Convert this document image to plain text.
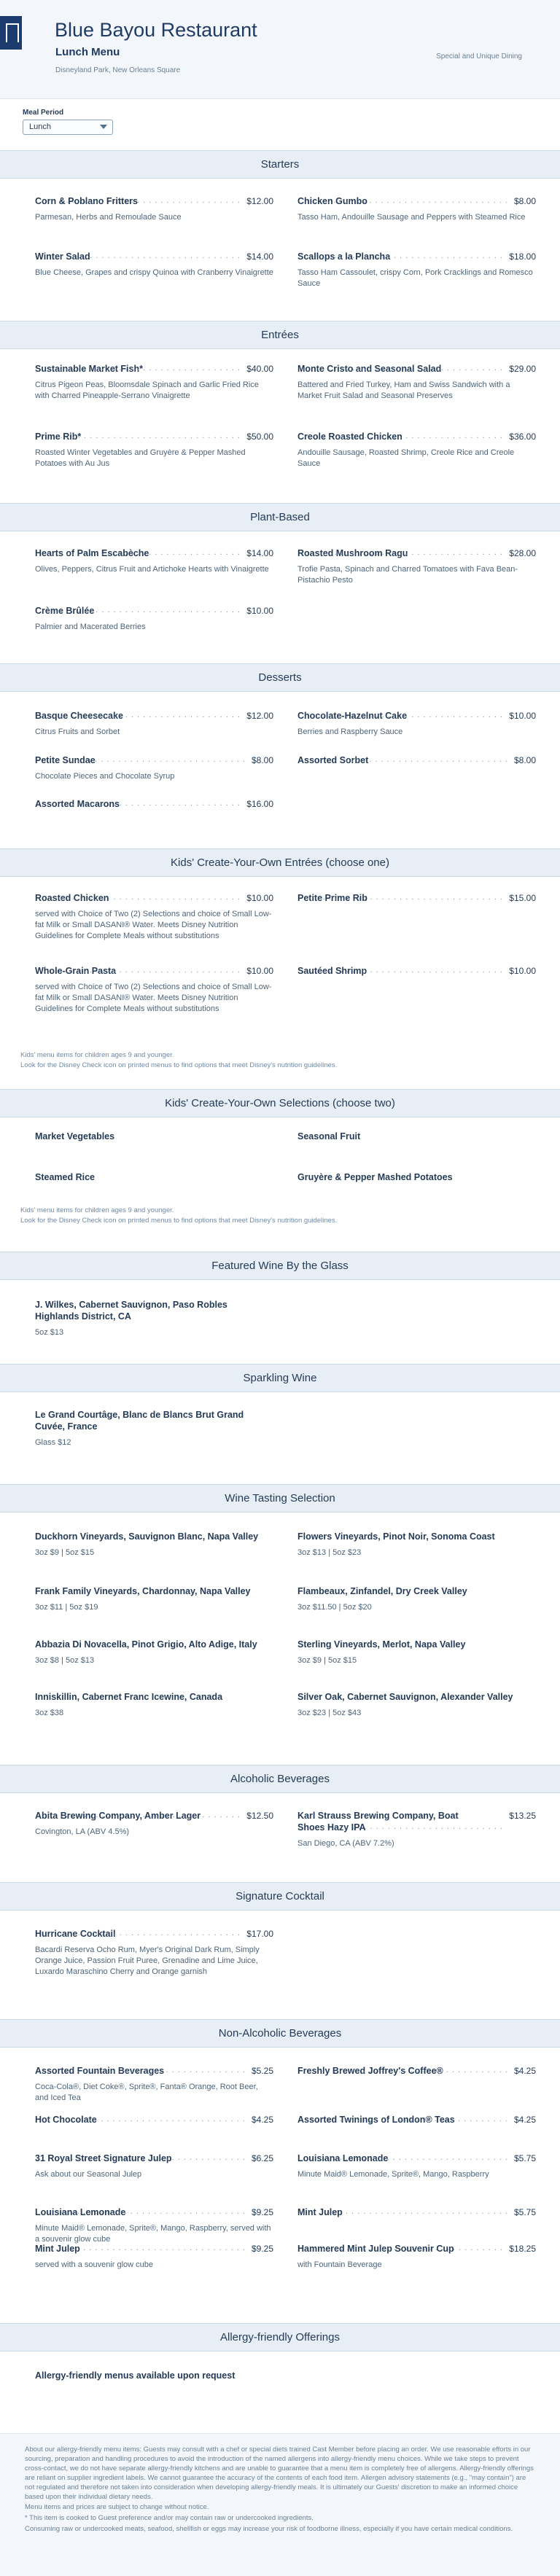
Blue Bayou Restaurant
Lunch Menu
Disneyland Park, New Orleans Square
Special and Unique Dining
Meal Period
Lunch
Starters
Corn & Poblano Fritters	$12.00
. . .
Parmesan, Herbs and Remoulade Sauce
Chicken Gumbo	$8.00
. . .
Tasso Ham, Andouille Sausage and Peppers with Steamed Rice
Winter Salad	$14.00
. . .
Blue Cheese, Grapes and crispy Quinoa with Cranberry Vinaigrette
Scallops a la Plancha	$18.00
. . .
Tasso Ham Cassoulet, crispy Corn, Pork Cracklings and Romesco Sauce
Entrées
Sustainable Market Fish*	$40.00
. . .
Citrus Pigeon Peas, Bloomsdale Spinach and Garlic Fried Rice with Charred Pineapple-Serrano Vinaigrette
Monte Cristo and Seasonal Salad	$29.00
. . .
Battered and Fried Turkey, Ham and Swiss Sandwich with a Market Fruit Salad and Seasonal Preserves
Prime Rib*	$50.00
. . .
Roasted Winter Vegetables and Gruyère & Pepper Mashed Potatoes with Au Jus
Creole Roasted Chicken	$36.00
. . .
Andouille Sausage, Roasted Shrimp, Creole Rice and Creole Sauce
Plant-Based
Hearts of Palm Escabèche	$14.00
. . .
Olives, Peppers, Citrus Fruit and Artichoke Hearts with Vinaigrette
Roasted Mushroom Ragu	$28.00
. . .
Trofie Pasta, Spinach and Charred Tomatoes with Fava Bean-Pistachio Pesto
Crème Brûlée	$10.00
. . .
Palmier and Macerated Berries
Desserts
Basque Cheesecake	$12.00
. . .
Citrus Fruits and Sorbet
Chocolate-Hazelnut Cake	$10.00
. . .
Berries and Raspberry Sauce
Petite Sundae	$8.00
. . .
Chocolate Pieces and Chocolate Syrup
Assorted Sorbet	$8.00
. . .
Assorted Macarons	$16.00
. . .
Kids' Create-Your-Own Entrées (choose one)
Roasted Chicken	$10.00
. . .
served with Choice of Two (2) Selections and choice of Small Low-fat Milk or Small DASANI® Water. Meets Disney Nutrition Guidelines for Complete Meals without substitutions
Petite Prime Rib	$15.00
. . .
Whole-Grain Pasta	$10.00
. . .
served with Choice of Two (2) Selections and choice of Small Low-fat Milk or Small DASANI® Water. Meets Disney Nutrition Guidelines for Complete Meals without substitutions
Sautéed Shrimp	$10.00
. . .
Kids' menu items for children ages 9 and younger.
Look for the Disney Check icon on printed menus to find options that meet Disney's nutrition guidelines.
Kids' Create-Your-Own Selections (choose two)
Market Vegetables	Seasonal Fruit
Steamed Rice	Gruyère & Pepper Mashed Potatoes
Kids' menu items for children ages 9 and younger.
Look for the Disney Check icon on printed menus to find options that meet Disney's nutrition guidelines.
Featured Wine By the Glass
J. Wilkes, Cabernet Sauvignon, Paso Robles Highlands District, CA
5oz $13
Sparkling Wine
Le Grand Courtâge, Blanc de Blancs Brut Grand Cuvée, France
Glass $12
Wine Tasting Selection
Duckhorn Vineyards, Sauvignon Blanc, Napa Valley
3oz $9 | 5oz $15
Flowers Vineyards, Pinot Noir, Sonoma Coast
3oz $13 | 5oz $23
Frank Family Vineyards, Chardonnay, Napa Valley
3oz $11 | 5oz $19
Flambeaux, Zinfandel, Dry Creek Valley
3oz $11.50 | 5oz $20
Abbazia Di Novacella, Pinot Grigio, Alto Adige, Italy
3oz $8 | 5oz $13
Sterling Vineyards, Merlot, Napa Valley
3oz $9 | 5oz $15
Inniskillin, Cabernet Franc Icewine, Canada
3oz $38
Silver Oak, Cabernet Sauvignon, Alexander Valley
3oz $23 | 5oz $43
Alcoholic Beverages
Abita Brewing Company, Amber Lager	$12.50
. . .
Covington, LA (ABV 4.5%)
Karl Strauss Brewing Company, Boat Shoes Hazy IPA
$13.25
. . .
San Diego, CA (ABV 7.2%)
Signature Cocktail
Hurricane Cocktail	$17.00
. . .
Bacardi Reserva Ocho Rum, Myer's Original Dark Rum, Simply Orange Juice, Passion Fruit Puree, Grenadine and Lime Juice, Luxardo Maraschino Cherry and Orange garnish
Non-Alcoholic Beverages
Assorted Fountain Beverages	$5.25
. . .
Coca-Cola®, Diet Coke®, Sprite®, Fanta® Orange, Root Beer, and Iced Tea
Freshly Brewed Joffrey's Coffee®	$4.25
. . .
Hot Chocolate	$4.25
. . .	Assorted Twinings of London® Teas	$4.25
. . .
31 Royal Street Signature Julep	$6.25
. . .
Ask about our Seasonal Julep
Louisiana Lemonade	$5.75
. . .
Minute Maid® Lemonade, Sprite®, Mango, Raspberry
Louisiana Lemonade	$9.25
. . .
Minute Maid® Lemonade, Sprite®, Mango, Raspberry, served with a souvenir glow cube
Mint Julep	$5.75
. . .
Mint Julep	$9.25
. . .
served with a souvenir glow cube
Hammered Mint Julep Souvenir Cup	$18.25
. . .
with Fountain Beverage
Allergy-friendly Offerings
Allergy-friendly menus available upon request

About our allergy-friendly menu items: Guests may consult with a chef or special diets trained Cast Member before placing an order. We use reasonable efforts in our sourcing, preparation and handling procedures to avoid the introduction of the named allergens into allergy-friendly menu choices. While we take steps to prevent cross-contact, we do not have separate allergy-friendly kitchens and are unable to guarantee that a menu item is completely free of allergens. Allergy-friendly offerings are reliant on supplier ingredient labels. We cannot guarantee the accuracy of the contents of each food item. Allergen advisory statements (e.g., "may contain") are not regulated and therefore not taken into consideration when developing allergy-friendly meals. It is ultimately our Guests' discretion to make an informed choice based upon their individual dietary needs.

Menu items and prices are subject to change without notice.

* This item is cooked to Guest preference and/or may contain raw or undercooked ingredients.

Consuming raw or undercooked meats, seafood, shellfish or eggs may increase your risk of foodborne illness, especially if you have certain medical conditions.
